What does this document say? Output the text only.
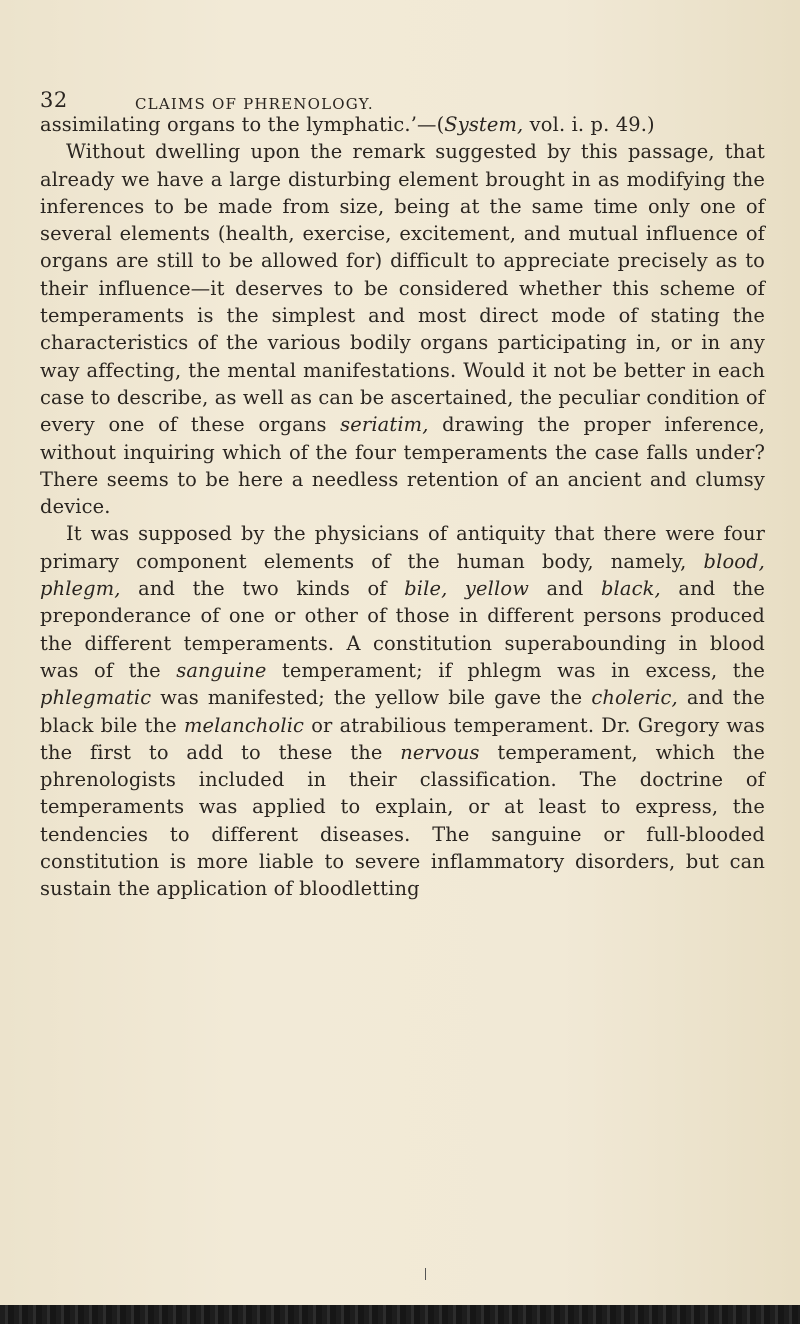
32	CLAIMS OF PHRENOLOGY.

assimilating organs to the lymphatic.’—(System, vol. i. p. 49.)

Without dwelling upon the remark suggested by this passage, that already we have a large disturbing element brought in as modifying the inferences to be made from size, being at the same time only one of several elements (health, exercise, excitement, and mutual influence of organs are still to be allowed for) difficult to appreciate precisely as to their influence—it deserves to be considered whether this scheme of temperaments is the simplest and most direct mode of stating the characteristics of the various bodily organs participating in, or in any way affecting, the mental manifestations. Would it not be better in each case to describe, as well as can be ascertained, the peculiar condition of every one of these organs seriatim, drawing the proper inference, without inquiring which of the four temperaments the case falls under? There seems to be here a needless retention of an ancient and clumsy device.

It was supposed by the physicians of antiquity that there were four primary component elements of the human body, namely, blood, phlegm, and the two kinds of bile, yellow and black, and the preponderance of one or other of those in different persons produced the different temperaments. A constitution superabounding in blood was of the sanguine temperament; if phlegm was in excess, the phlegmatic was manifested; the yellow bile gave the choleric, and the black bile the melancholic or atrabilious temperament. Dr. Gregory was the first to add to these the nervous temperament, which the phrenologists included in their classification. The doctrine of temperaments was applied to explain, or at least to express, the tendencies to different diseases. The sanguine or full-blooded constitution is more liable to severe inflammatory disorders, but can sustain the application of bloodletting
